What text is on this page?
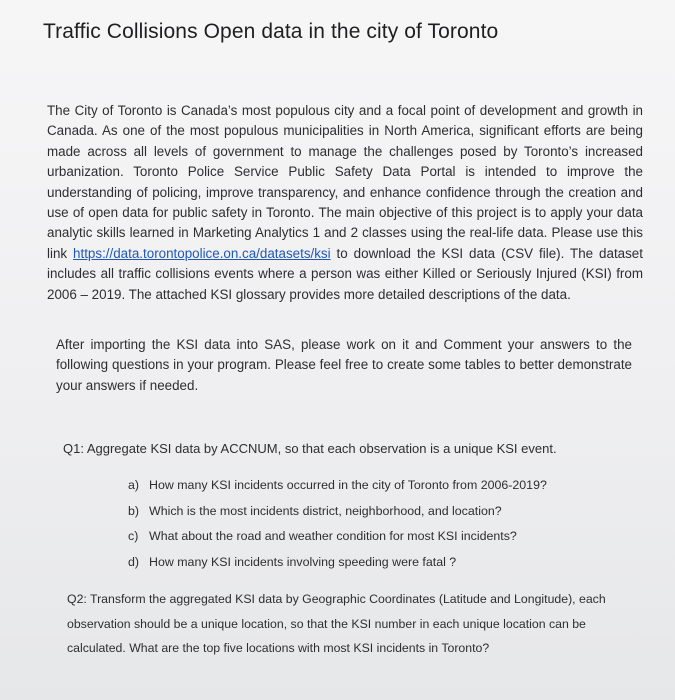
Traffic Collisions Open data in the city of Toronto

The City of Toronto is Canada’s most populous city and a focal point of development and growth in Canada. As one of the most populous municipalities in North America, significant efforts are being made across all levels of government to manage the challenges posed by Toronto’s increased urbanization. Toronto Police Service Public Safety Data Portal is intended to improve the understanding of policing, improve transparency, and enhance confidence through the creation and use of open data for public safety in Toronto. The main objective of this project is to apply your data analytic skills learned in Marketing Analytics 1 and 2 classes using the real-life data. Please use this link https://data.torontopolice.on.ca/datasets/ksi to download the KSI data (CSV file). The dataset includes all traffic collisions events where a person was either Killed or Seriously Injured (KSI) from 2006 – 2019. The attached KSI glossary provides more detailed descriptions of the data.

After importing the KSI data into SAS, please work on it and Comment your answers to the following questions in your program. Please feel free to create some tables to better demonstrate your answers if needed.

Q1: Aggregate KSI data by ACCNUM, so that each observation is a unique KSI event.

a) How many KSI incidents occurred in the city of Toronto from 2006-2019?
b) Which is the most incidents district, neighborhood, and location?
c) What about the road and weather condition for most KSI incidents?
d) How many KSI incidents involving speeding were fatal ?

Q2: Transform the aggregated KSI data by Geographic Coordinates (Latitude and Longitude), each observation should be a unique location, so that the KSI number in each unique location can be calculated. What are the top five locations with most KSI incidents in Toronto?
